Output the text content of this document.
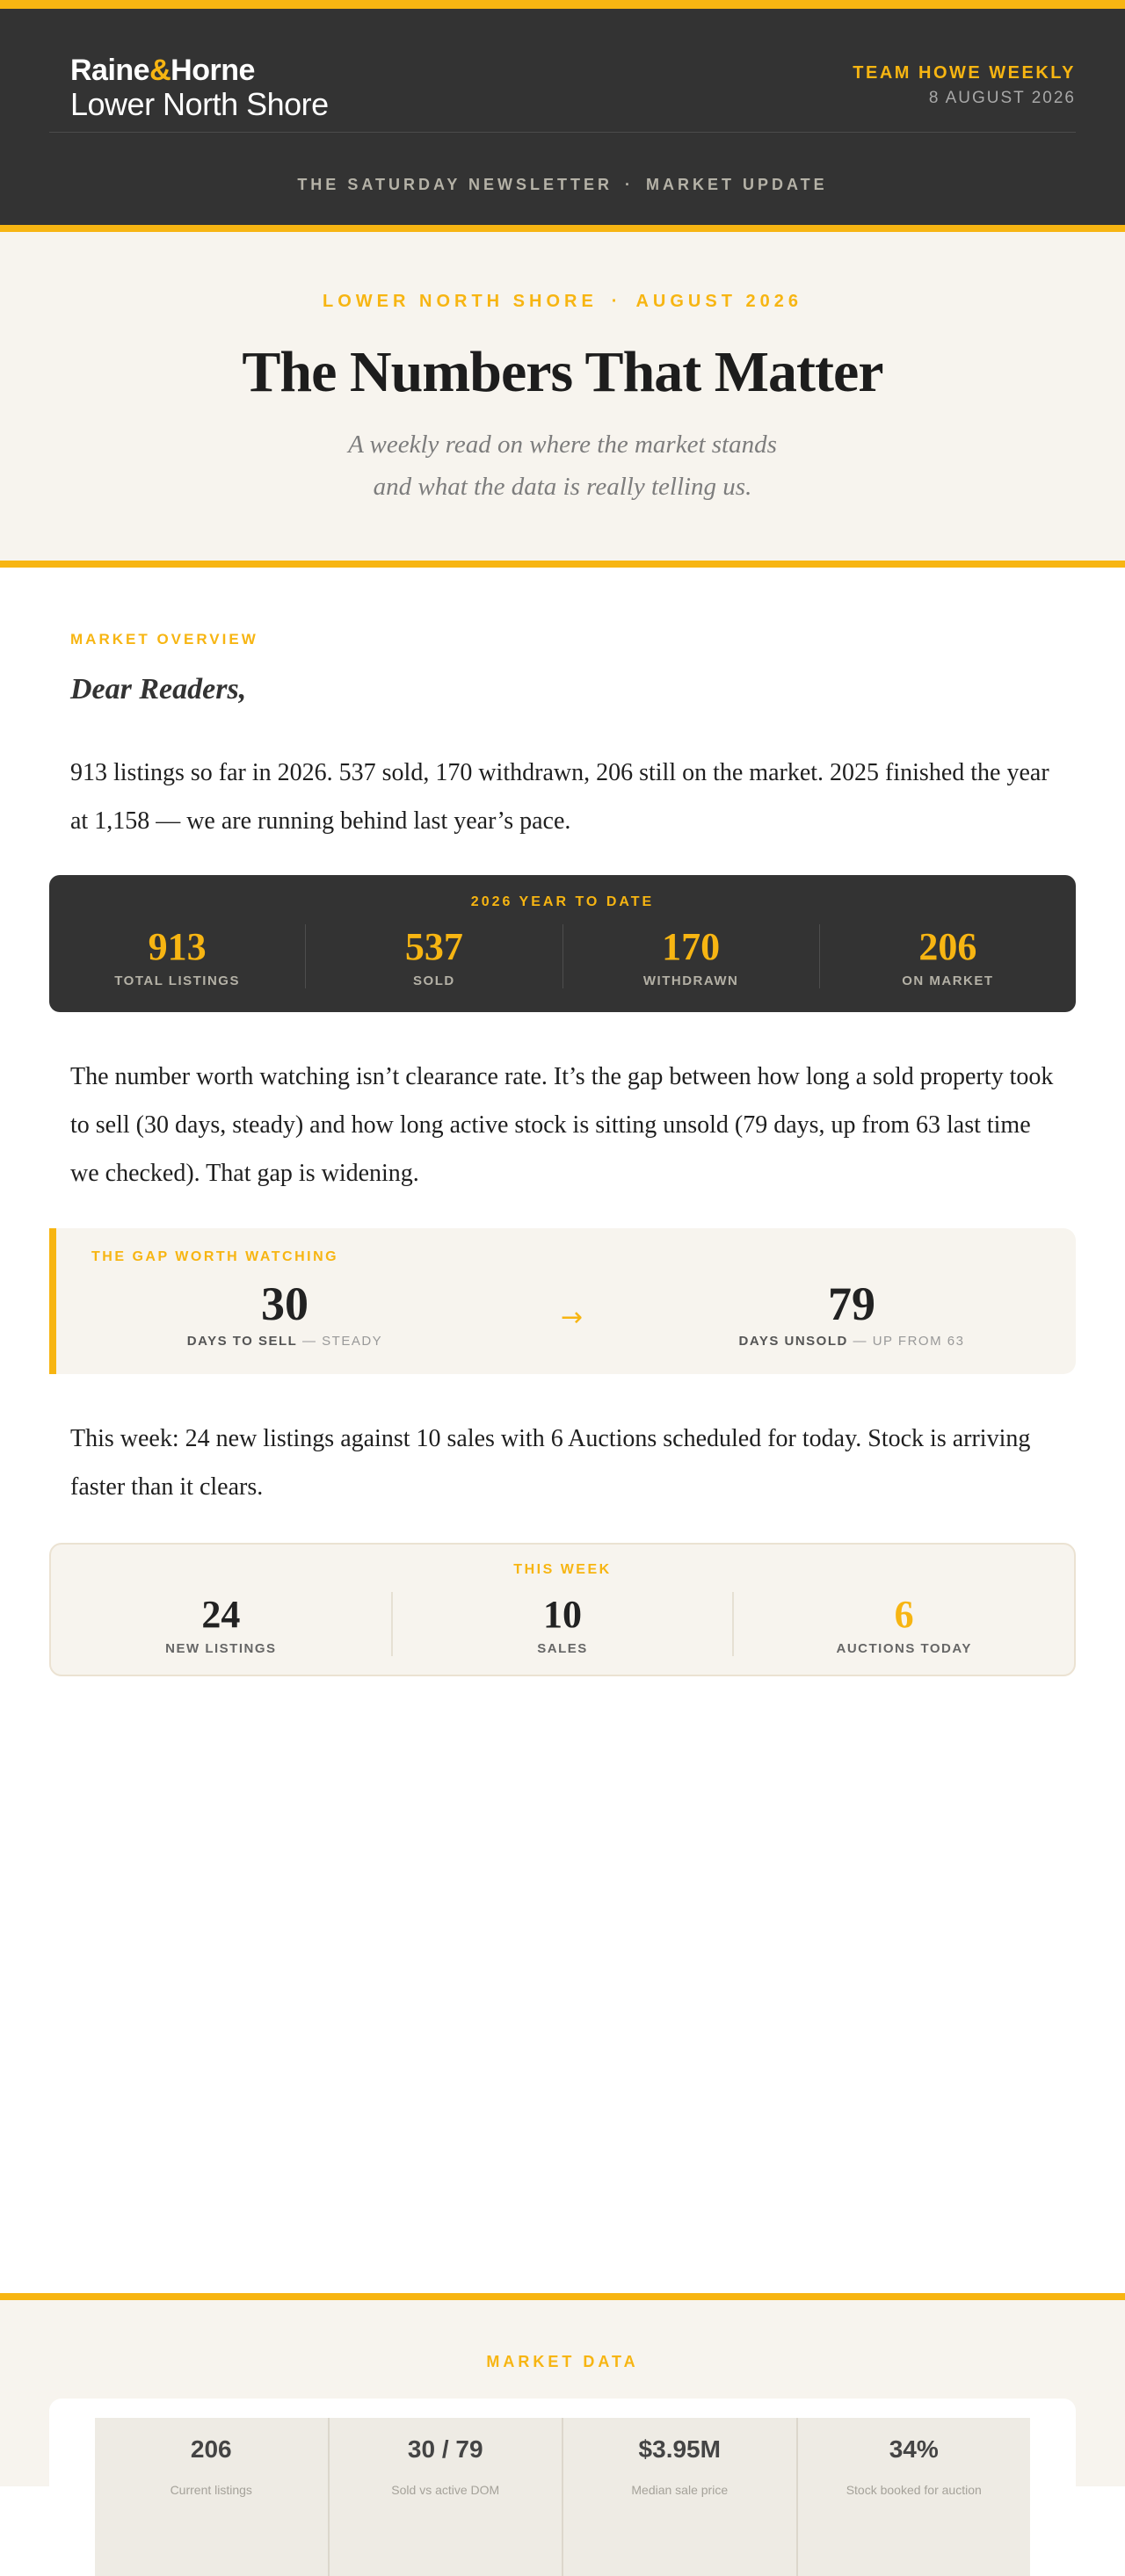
Raine&Horne
Lower North Shore
TEAM HOWE WEEKLY
8 AUGUST 2026
THE SATURDAY NEWSLETTER · MARKET UPDATE
LOWER NORTH SHORE · AUGUST 2026
The Numbers That Matter
A weekly read on where the market stands
and what the data is really telling us.
MARKET OVERVIEW
Dear Readers,

913 listings so far in 2026. 537 sold, 170 withdrawn, 206 still on the market. 2025 finished the year at 1,158 — we are running behind last year’s pace.

2026 YEAR TO DATE
913
TOTAL LISTINGS
537
SOLD
170
WITHDRAWN
206
ON MARKET

The number worth watching isn’t clearance rate. It’s the gap between how long a sold property took to sell (30 days, steady) and how long active stock is sitting unsold (79 days, up from 63 last time we checked). That gap is widening.

THE GAP WORTH WATCHING
30
DAYS TO SELL — STEADY
→	79
DAYS UNSOLD — UP FROM 63

This week: 24 new listings against 10 sales with 6 Auctions scheduled for today. Stock is arriving faster than it clears.

THIS WEEK
24
NEW LISTINGS
10
SALES
6
AUCTIONS TODAY
MARKET DATA
206
Current listings
30 / 79
Sold vs active DOM
$3.95M
Median sale price
34%
Stock booked for auction
